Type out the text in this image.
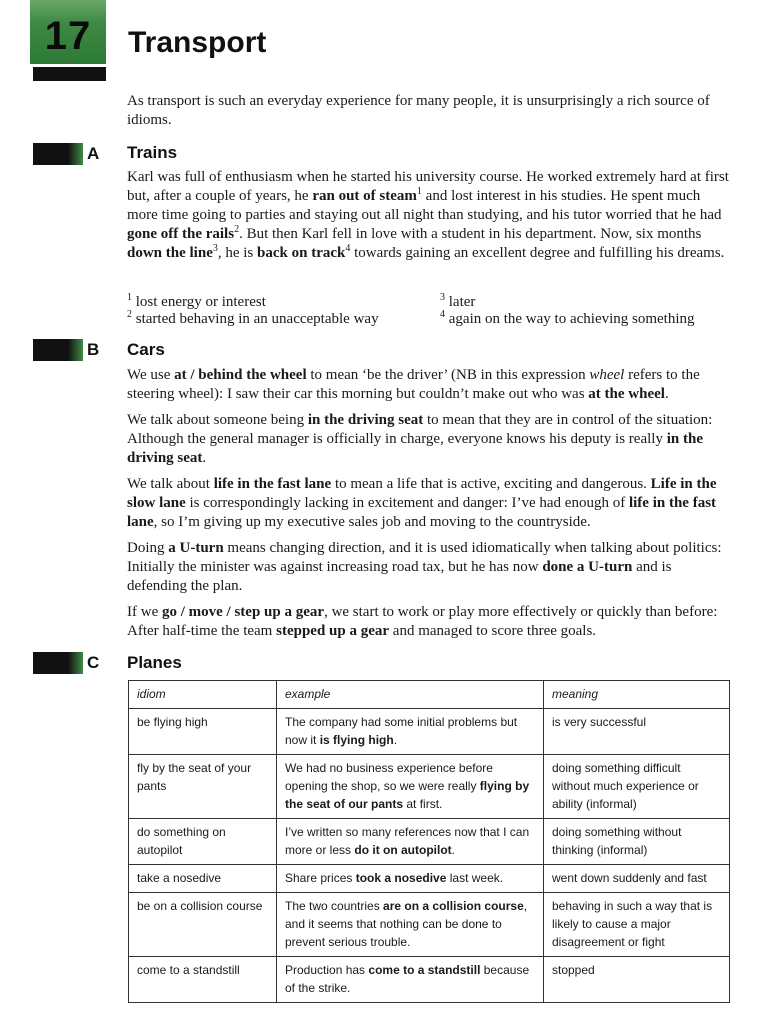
17	Transport
As transport is such an everyday experience for many people, it is unsurprisingly a rich source of idioms.
A Trains

Karl was full of enthusiasm when he started his university course. He worked extremely hard at first but, after a couple of years, he ran out of steam$^1$ and lost interest in his studies. He spent much more time going to parties and staying out all night than studying, and his tutor worried that he had gone off the rails$^2$. But then Karl fell in love with a student in his department. Now, six months down the line$^3$, he is back on track$^4$ towards gaining an excellent degree and fulfilling his dreams.

$^1$ lost energy or interest
$^2$ started behaving in an unacceptable way
$^3$ later
$^4$ again on the way to achieving something
B Cars

We use at / behind the wheel to mean ‘be the driver’ (NB in this expression wheel refers to the steering wheel): I saw their car this morning but couldn’t make out who was at the wheel.

We talk about someone being in the driving seat to mean that they are in control of the situation: Although the general manager is officially in charge, everyone knows his deputy is really in the driving seat.

We talk about life in the fast lane to mean a life that is active, exciting and dangerous. Life in the slow lane is correspondingly lacking in excitement and danger: I’ve had enough of life in the fast lane, so I’m giving up my executive sales job and moving to the countryside.

Doing a U-turn means changing direction, and it is used idiomatically when talking about politics: Initially the minister was against increasing road tax, but he has now done a U-turn and is defending the plan.

If we go / move / step up a gear, we start to work or play more effectively or quickly than before: After half-time the team stepped up a gear and managed to score three goals.

C Planes
idiom	example	meaning
be flying high	The company had some initial problems but now it is flying high.	is very successful
fly by the seat of your pants	We had no business experience before opening the shop, so we were really flying by the seat of our pants at first.	doing something difficult without much experience or ability (informal)
do something on autopilot	I’ve written so many references now that I can more or less do it on autopilot.	doing something without thinking (informal)
take a nosedive	Share prices took a nosedive last week.	went down suddenly and fast
be on a collision course	The two countries are on a collision course, and it seems that nothing can be done to prevent serious trouble.	behaving in such a way that is likely to cause a major disagreement or fight
come to a standstill	Production has come to a standstill because of the strike.	stopped
